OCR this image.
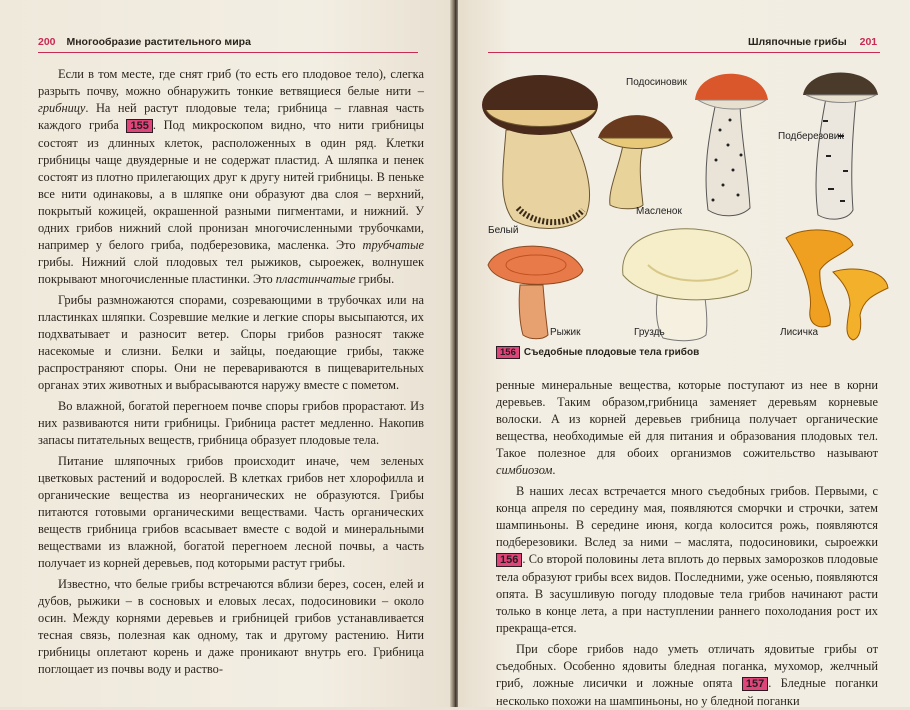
200 Многообразие растительного мира

Если в том месте, где снят гриб (то есть его плодовое тело), слегка разрыть почву, можно обнаружить тонкие ветвящиеся белые нити – грибницу. На ней растут плодовые тела; грибница – главная часть каждого гриба 155 . Под микроскопом видно, что нити грибницы состоят из длинных клеток, расположенных в один ряд. Клетки грибницы чаще двуядерные и не содержат пластид. А шляпка и пенек состоят из плотно прилегающих друг к другу нитей грибницы. В пеньке все нити одинаковы, а в шляпке они образуют два слоя – верхний, покрытый кожицей, окрашенной разными пигментами, и нижний. У одних грибов нижний слой пронизан многочисленными трубочками, например у белого гриба, подберезовика, масленка. Это трубчатые грибы. Нижний слой плодовых тел рыжиков, сыроежек, волнушек покрывают многочисленные пластинки. Это пластинчатые грибы.

Грибы размножаются спорами, созревающими в трубочках или на пластинках шляпки. Созревшие мелкие и легкие споры высыпаются, их подхватывает и разносит ветер. Споры грибов разносят также насекомые и слизни. Белки и зайцы, поедающие грибы, также распространяют споры. Они не перевариваются в пищеварительных органах этих животных и выбрасываются наружу вместе с пометом.

Во влажной, богатой перегноем почве споры грибов прорастают. Из них развиваются нити грибницы. Грибница растет медленно. Накопив запасы питательных веществ, грибница образует плодовые тела.

Питание шляпочных грибов происходит иначе, чем зеленых цветковых растений и водорослей. В клетках грибов нет хлорофилла и органические вещества из неорганических не образуются. Грибы питаются готовыми органическими веществами. Часть органических веществ грибница грибов всасывает вместе с водой и минеральными веществами из влажной, богатой перегноем лесной почвы, а часть получает из корней деревьев, под которыми растут грибы.

Известно, что белые грибы встречаются вблизи берез, сосен, елей и дубов, рыжики – в сосновых и еловых лесах, подосиновики – около осин. Между корнями деревьев и грибницей грибов устанавливается тесная связь, полезная как одному, так и другому растению. Нити грибницы оплетают корень и даже проникают внутрь его. Грибница поглощает из почвы воду и раство-

Шляпочные грибы 201
Подосиновик
Подберезовик
Масленок
Белый
Рыжик	Груздь	Лисичка
156 Съедобные плодовые тела грибов

ренные минеральные вещества, которые поступают из нее в корни деревьев. Таким образом,грибница заменяет деревьям корневые волоски. А из корней деревьев грибница получает органические вещества, необходимые ей для питания и образования плодовых тел. Такое полезное для обоих организмов сожительство называют симбиозом.

В наших лесах встречается много съедобных грибов. Первыми, с конца апреля по середину мая, появляются сморчки и строчки, затем шампиньоны. В середине июня, когда колосится рожь, появляются подберезовики. Вслед за ними – маслята, подосиновики, сыроежки 156 . Со второй половины лета вплоть до первых заморозков плодовые тела образуют грибы всех видов. Последними, уже осенью, появляются опята. В засушливую погоду плодовые тела грибов начинают расти только в конце лета, а при наступлении раннего похолодания рост их прекраща-ется.

При сборе грибов надо уметь отличать ядовитые грибы от съедобных. Особенно ядовиты бледная поганка, мухомор, желчный гриб, ложные лисички и ложные опята 157 . Бледные поганки несколько похожи на шампиньоны, но у бледной поганки
